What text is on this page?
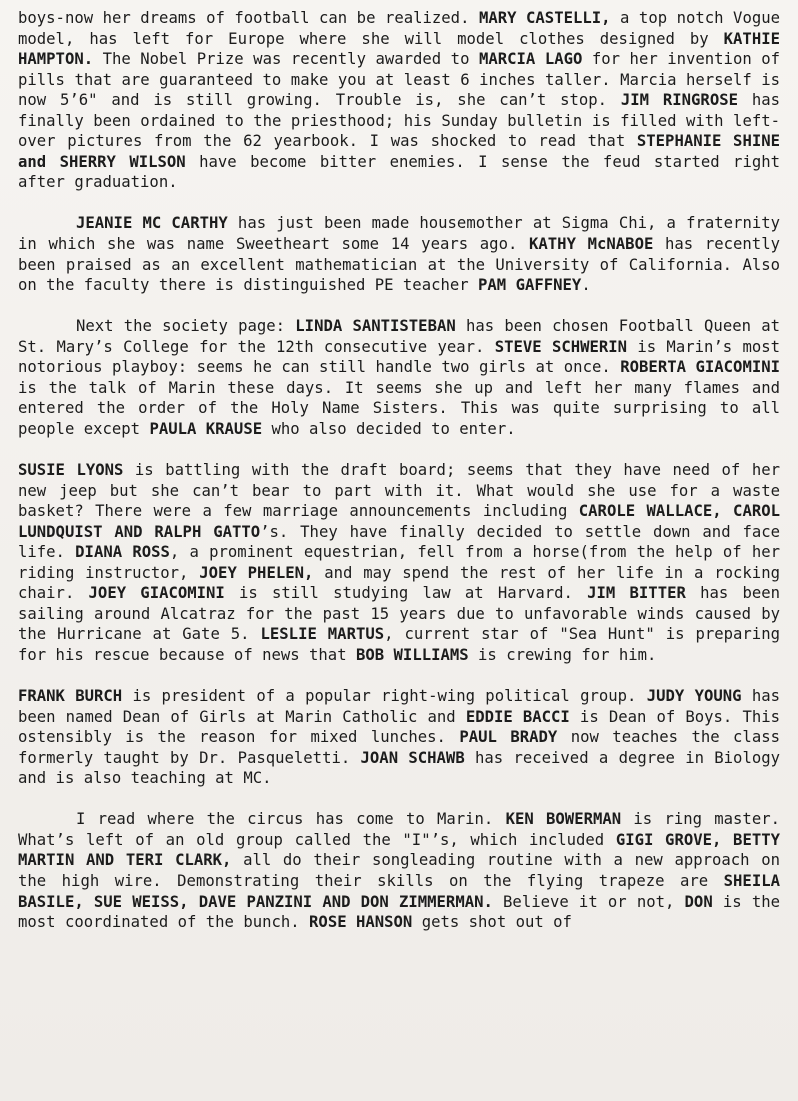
boys-now her dreams of football can be realized. MARY CASTELLI, a top notch Vogue model, has left for Europe where she will model clothes designed by KATHIE HAMPTON. The Nobel Prize was recently awarded to MARCIA LAGO for her invention of pills that are guaranteed to make you at least 6 inches taller. Marcia herself is now 5’6" and is still growing. Trouble is, she can’t stop. JIM RINGROSE has finally been ordained to the priesthood; his Sunday bulletin is filled with left-over pictures from the 62 yearbook. I was shocked to read that STEPHANIE SHINE and SHERRY WILSON have become bitter enemies. I sense the feud started right after graduation.

JEANIE MC CARTHY has just been made housemother at Sigma Chi, a fraternity in which she was name Sweetheart some 14 years ago. KATHY McNABOE has recently been praised as an excellent mathematician at the University of California. Also on the faculty there is distinguished PE teacher PAM GAFFNEY.

Next the society page: LINDA SANTISTEBAN has been chosen Football Queen at St. Mary’s College for the 12th consecutive year. STEVE SCHWERIN is Marin’s most notorious playboy: seems he can still handle two girls at once. ROBERTA GIACOMINI is the talk of Marin these days. It seems she up and left her many flames and entered the order of the Holy Name Sisters. This was quite surprising to all people except PAULA KRAUSE who also decided to enter.

SUSIE LYONS is battling with the draft board; seems that they have need of her new jeep but she can’t bear to part with it. What would she use for a waste basket? There were a few marriage announcements including CAROLE WALLACE, CAROL LUNDQUIST AND RALPH GATTO’s. They have finally decided to settle down and face life. DIANA ROSS, a prominent equestrian, fell from a horse(from the help of her riding instructor, JOEY PHELEN, and may spend the rest of her life in a rocking chair. JOEY GIACOMINI is still studying law at Harvard. JIM BITTER has been sailing around Alcatraz for the past 15 years due to unfavorable winds caused by the Hurricane at Gate 5. LESLIE MARTUS, current star of "Sea Hunt" is preparing for his rescue because of news that BOB WILLIAMS is crewing for him.

FRANK BURCH is president of a popular right-wing political group. JUDY YOUNG has been named Dean of Girls at Marin Catholic and EDDIE BACCI is Dean of Boys. This ostensibly is the reason for mixed lunches. PAUL BRADY now teaches the class formerly taught by Dr. Pasqueletti. JOAN SCHAWB has received a degree in Biology and is also teaching at MC.

I read where the circus has come to Marin. KEN BOWERMAN is ring master. What’s left of an old group called the "I"’s, which included GIGI GROVE, BETTY MARTIN AND TERI CLARK, all do their songleading routine with a new approach on the high wire. Demonstrating their skills on the flying trapeze are SHEILA BASILE, SUE WEISS, DAVE PANZINI AND DON ZIMMERMAN. Believe it or not, DON is the most coordinated of the bunch. ROSE HANSON gets shot out of
